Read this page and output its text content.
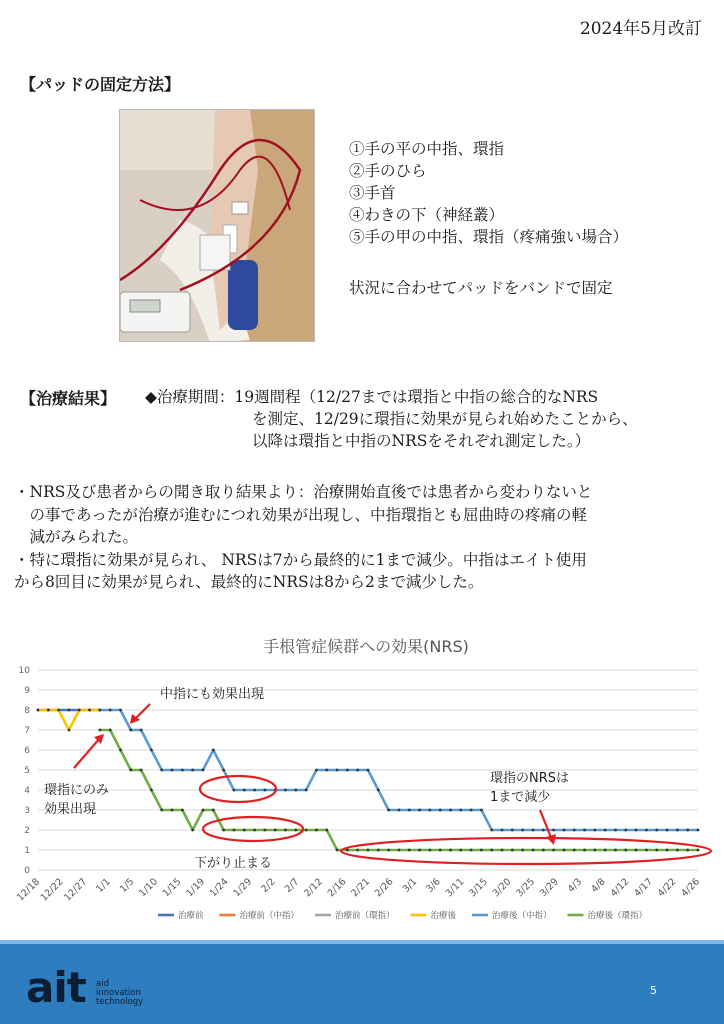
2024年5月改訂
【パッドの固定方法】
①手の平の中指、環指
②手のひら
③手首
④わきの下（神経叢）
⑤手の甲の中指、環指（疼痛強い場合）
状況に合わせてパッドをバンドで固定
【治療結果】 ◆治療期間：19週間程（12/27までは環指と中指の総合的なNRS
を測定、12/29に環指に効果が見られ始めたことから、
以降は環指と中指のNRSをそれぞれ測定した。）
・NRS及び患者からの聞き取り結果より：治療開始直後では患者から変わりないと
　の事であったが治療が進むにつれ効果が出現し、中指環指とも屈曲時の疼痛の軽
　減がみられた。
・特に環指に効果が見られ、 NRSは7から最終的に1まで減少。中指はエイト使用
から8回目に効果が見られ、最終的にNRSは8から2まで減少した。
手根管症候群への効果(NRS)
0
1
2
3
4
5
6
7
8
9
10
12/18
12/22
12/27 1/1 1/5 1/10 1/15 1/19 1/24 1/29 2/2 2/7 2/12 2/16 2/21 2/26 3/1 3/6 3/11 3/15 3/20 3/25 3/29 4/3 4/8 4/12 4/17 4/22 4/26
中指にも効果出現
環指にのみ
効果出現
下がり止まる
環指のNRSは
1まで減少
治療前	治療前（中指）	治療前（環指）	治療後	治療後（中指）	治療後（環指）
ait aid
innovation
technology
5
